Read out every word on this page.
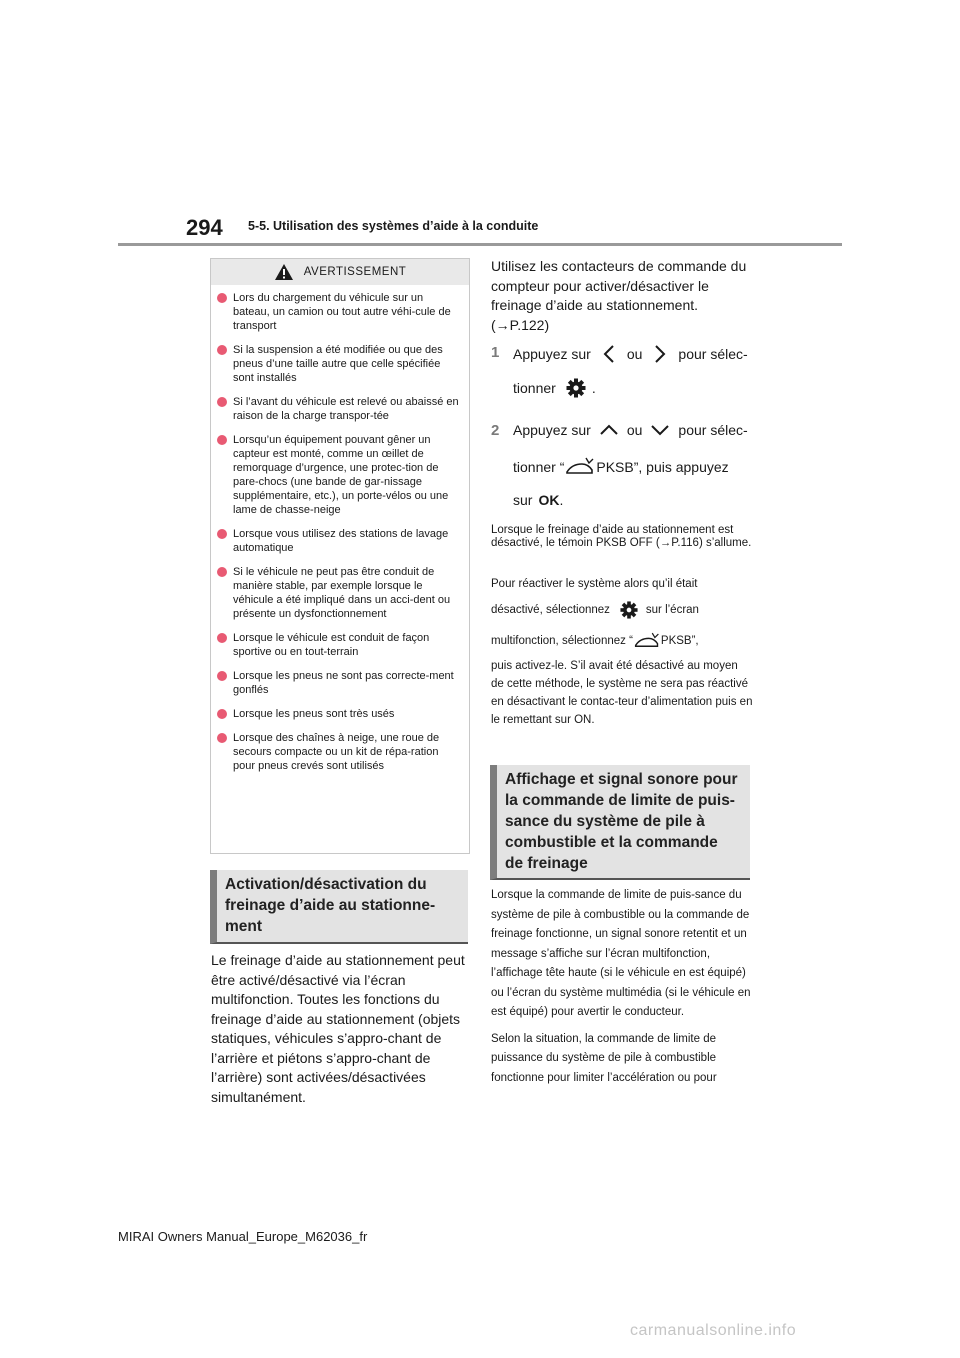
294 5-5. Utilisation des systèmes d’aide à la conduite
AVERTISSEMENT
Lors du chargement du véhicule sur un bateau, un camion ou tout autre véhi-cule de transport
Si la suspension a été modifiée ou que des pneus d’une taille autre que celle spécifiée sont installés
Si l’avant du véhicule est relevé ou abaissé en raison de la charge transpor-tée
Lorsqu’un équipement pouvant gêner un capteur est monté, comme un œillet de remorquage d’urgence, une protec-tion de pare-chocs (une bande de gar-nissage supplémentaire, etc.), un porte-vélos ou une lame de chasse-neige
Lorsque vous utilisez des stations de lavage automatique
Si le véhicule ne peut pas être conduit de manière stable, par exemple lorsque le véhicule a été impliqué dans un acci-dent ou présente un dysfonctionnement
Lorsque le véhicule est conduit de façon sportive ou en tout-terrain
Lorsque les pneus ne sont pas correcte-ment gonflés
Lorsque les pneus sont très usés
Lorsque des chaînes à neige, une roue de secours compacte ou un kit de répa-ration pour pneus crevés sont utilisés
Activation/désactivation du freinage d’aide au stationne-ment
Le freinage d’aide au stationnement peut être activé/désactivé via l’écran multifonction. Toutes les fonctions du freinage d’aide au stationnement (objets statiques, véhicules s’appro-chant de l’arrière et piétons s’appro-chant de l’arrière) sont activées/désactivées simultanément.
Utilisez les contacteurs de commande du compteur pour activer/désactiver le freinage d’aide au stationnement. (→P.122)
1 Appuyez sur	ou	pour sélec-
tionner	.
2 Appuyez sur	ou	pour sélec-
tionner “ PKSB”, puis appuyez
sur OK .
Lorsque le freinage d’aide au stationnement est désactivé, le témoin PKSB OFF (→P.116) s’allume.
Pour réactiver le système alors qu’il était
désactivé, sélectionnez	sur l’écran
multifonction, sélectionnez “ PKSB”,
puis activez-le. S’il avait été désactivé au moyen de cette méthode, le système ne sera pas réactivé en désactivant le contac-teur d’alimentation puis en le remettant sur ON.
Affichage et signal sonore pour la commande de limite de puis-sance du système de pile à combustible et la commande de freinage

Lorsque la commande de limite de puis-sance du système de pile à combustible ou la commande de freinage fonctionne, un signal sonore retentit et un message s’affiche sur l’écran multifonction, l’affichage tête haute (si le véhicule en est équipé) ou l’écran du système multimédia (si le véhicule en est équipé) pour avertir le conducteur.

Selon la situation, la commande de limite de puissance du système de pile à combustible fonctionne pour limiter l’accélération ou pour

MIRAI Owners Manual_Europe_M62036_fr
carmanualsonline.info
